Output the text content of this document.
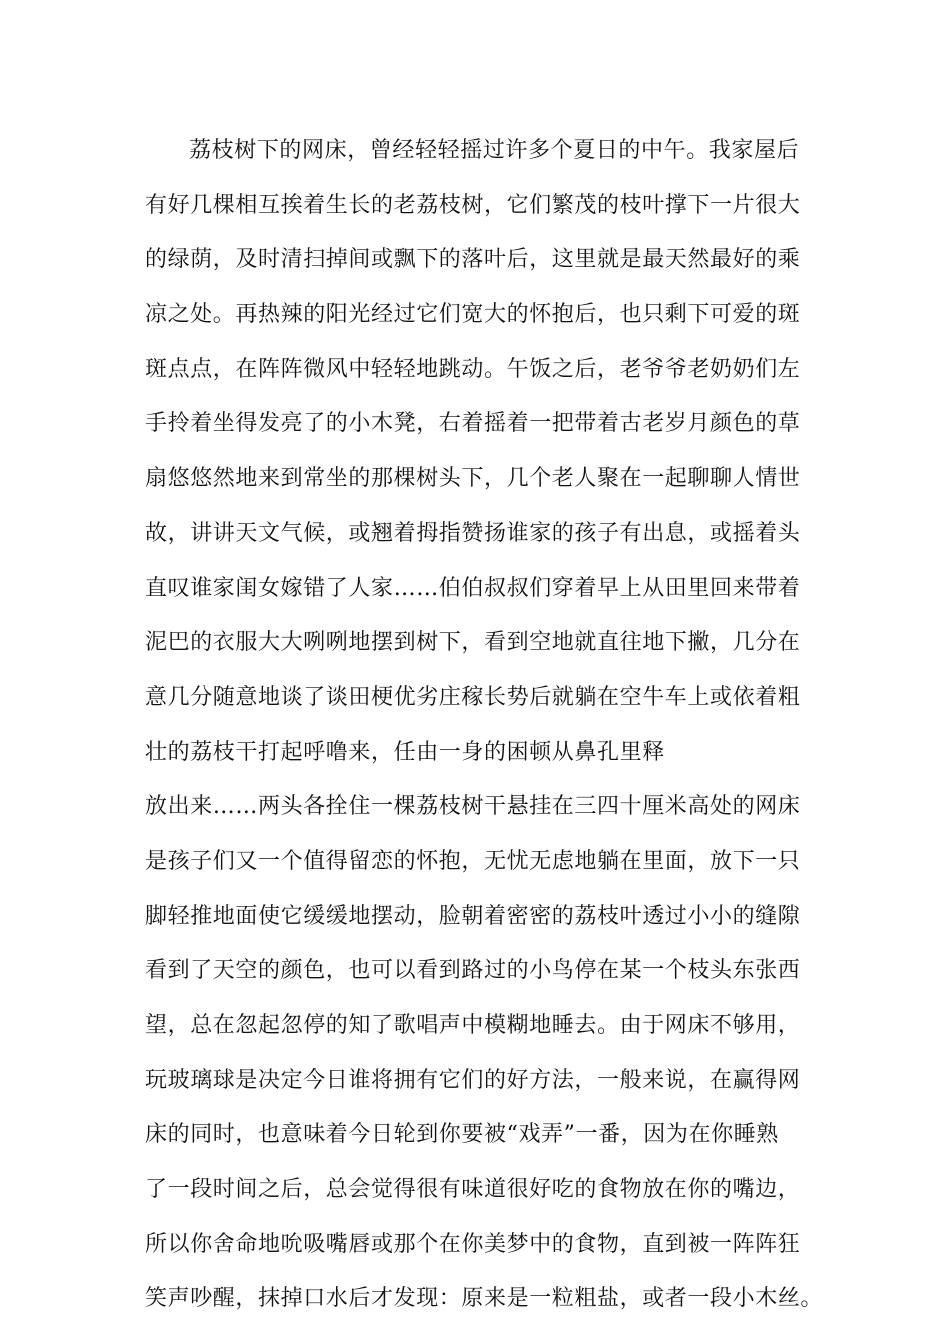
荔枝树下的网床，曾经轻轻摇过许多个夏日的中午。我家屋后
有好几棵相互挨着生长的老荔枝树，它们繁茂的枝叶撑下一片很大
的绿荫，及时清扫掉间或飘下的落叶后，这里就是最天然最好的乘
凉之处。再热辣的阳光经过它们宽大的怀抱后，也只剩下可爱的斑
斑点点，在阵阵微风中轻轻地跳动。午饭之后，老爷爷老奶奶们左
手拎着坐得发亮了的小木凳，右着摇着一把带着古老岁月颜色的草
扇悠悠然地来到常坐的那棵树头下，几个老人聚在一起聊聊人情世
故，讲讲天文气候，或翘着拇指赞扬谁家的孩子有出息，或摇着头
直叹谁家闺女嫁错了人家……伯伯叔叔们穿着早上从田里回来带着
泥巴的衣服大大咧咧地摆到树下，看到空地就直往地下撇，几分在
意几分随意地谈了谈田梗优劣庄稼长势后就躺在空牛车上或依着粗
壮的荔枝干打起呼噜来，任由一身的困顿从鼻孔里释
放出来……两头各拴住一棵荔枝树干悬挂在三四十厘米高处的网床
是孩子们又一个值得留恋的怀抱，无忧无虑地躺在里面，放下一只
脚轻推地面使它缓缓地摆动，脸朝着密密的荔枝叶透过小小的缝隙
看到了天空的颜色，也可以看到路过的小鸟停在某一个枝头东张西
望，总在忽起忽停的知了歌唱声中模糊地睡去。由于网床不够用，
玩玻璃球是决定今日谁将拥有它们的好方法，一般来说，在赢得网
床的同时，也意味着今日轮到你要被“戏弄”一番，因为在你睡熟
了一段时间之后，总会觉得很有味道很好吃的食物放在你的嘴边，
所以你舍命地吮吸嘴唇或那个在你美梦中的食物，直到被一阵阵狂
笑声吵醒，抹掉口水后才发现：原来是一粒粗盐，或者一段小木丝。
